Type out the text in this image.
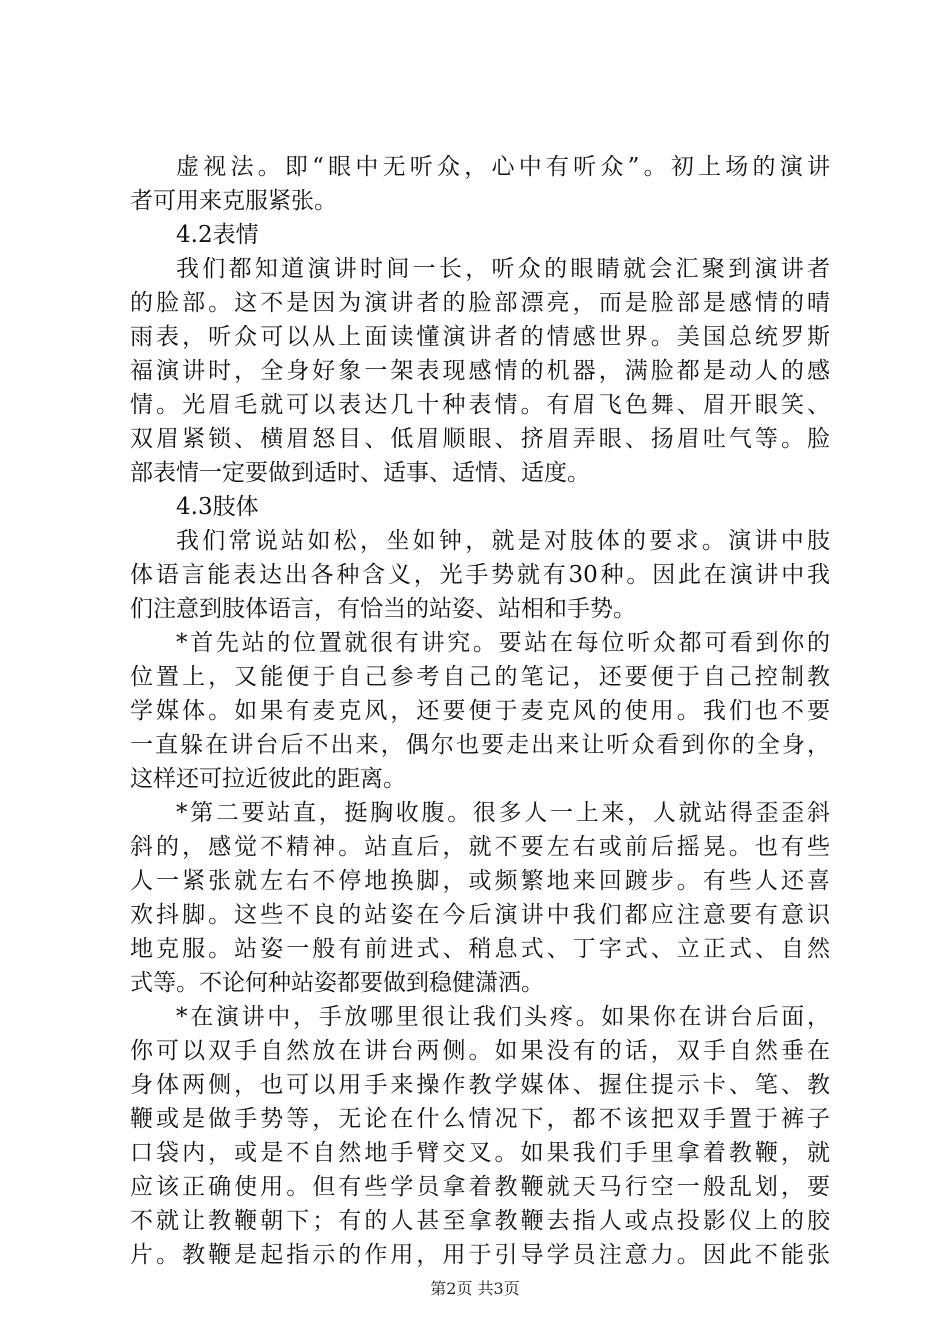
虚视法。即“眼中无听众，心中有听众”。初上场的演讲
者可用来克服紧张。

4.2表情

我们都知道演讲时间一长，听众的眼睛就会汇聚到演讲者
的脸部。这不是因为演讲者的脸部漂亮，而是脸部是感情的晴
雨表，听众可以从上面读懂演讲者的情感世界。美国总统罗斯
福演讲时，全身好象一架表现感情的机器，满脸都是动人的感
情。光眉毛就可以表达几十种表情。有眉飞色舞、眉开眼笑、
双眉紧锁、横眉怒目、低眉顺眼、挤眉弄眼、扬眉吐气等。脸
部表情一定要做到适时、适事、适情、适度。

4.3肢体

我们常说站如松，坐如钟，就是对肢体的要求。演讲中肢
体语言能表达出各种含义，光手势就有30种。因此在演讲中我
们注意到肢体语言，有恰当的站姿、站相和手势。

*首先站的位置就很有讲究。要站在每位听众都可看到你的
位置上，又能便于自己参考自己的笔记，还要便于自己控制教
学媒体。如果有麦克风，还要便于麦克风的使用。我们也不要
一直躲在讲台后不出来，偶尔也要走出来让听众看到你的全身，
这样还可拉近彼此的距离。

*第二要站直，挺胸收腹。很多人一上来，人就站得歪歪斜
斜的，感觉不精神。站直后，就不要左右或前后摇晃。也有些
人一紧张就左右不停地换脚，或频繁地来回踱步。有些人还喜
欢抖脚。这些不良的站姿在今后演讲中我们都应注意要有意识
地克服。站姿一般有前进式、稍息式、丁字式、立正式、自然
式等。不论何种站姿都要做到稳健潇洒。

*在演讲中，手放哪里很让我们头疼。如果你在讲台后面，
你可以双手自然放在讲台两侧。如果没有的话，双手自然垂在
身体两侧，也可以用手来操作教学媒体、握住提示卡、笔、教
鞭或是做手势等，无论在什么情况下，都不该把双手置于裤子
口袋内，或是不自然地手臂交叉。如果我们手里拿着教鞭，就
应该正确使用。但有些学员拿着教鞭就天马行空一般乱划，要
不就让教鞭朝下；有的人甚至拿教鞭去指人或点投影仪上的胶
片。教鞭是起指示的作用，用于引导学员注意力。因此不能张

第2页 共3页
